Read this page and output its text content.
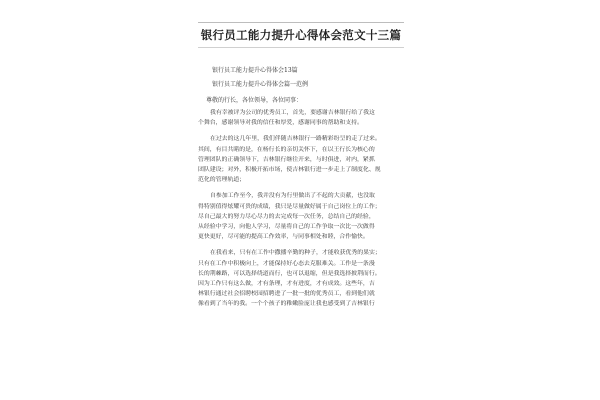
银行员工能力提升心得体会范文十三篇

银行员工能力提升心得体会13篇

银行员工能力提升心得体会篇一范例

尊敬的行长，各位领导，各位同事：

我有幸被评为公司的优秀员工，首先，要感谢吉林银行给了我这
个舞台，感谢领导对我的信任和厚爱，感谢同事的帮助和支持。
在过去的这几年里，我们伴随吉林银行一路精彩纷呈的走了过来。
其间，有目共睹的是，在杨行长的亲切关怀下，在以王行长为核心的
管理团队的正确领导下，吉林银行继往开来，与时俱进，对内，紧抓
团队建设；对外，积极开拓市场，使吉林银行进一步走上了制度化、规
范化的管理轨道；
自参加工作至今，我并没有为行里做出了不起的大贡献，也没取
得特别值得炫耀可贵的成绩，我只是尽量做好属于自己岗位上的工作；
尽自己最大的努力尽心尽力的去完成每一次任务，总结自己的经验，
从经验中学习，向他人学习，尽量将自己的工作争取一次比一次做得
更快更好，尽可能的提高工作效率，与同事相处和睦，合作愉快。
在我看来，只有在工作中撒播辛勤的种子，才能收获优秀的果实；
只有在工作中积极向上，才能保持好心态去克服难关。工作是一条漫
长的荆棘路，可以选择绕道而行，也可以退缩，但是我选择披荆而行。
因为工作只有这么做，才有条理，才有进度，才有成效。这些年，吉
林银行通过社会招聘校园招聘进了一批一批的优秀员工，看到他们就
像看到了当年的我。一个个孩子的稚嫩脸庞让我也感受到了吉林银行
